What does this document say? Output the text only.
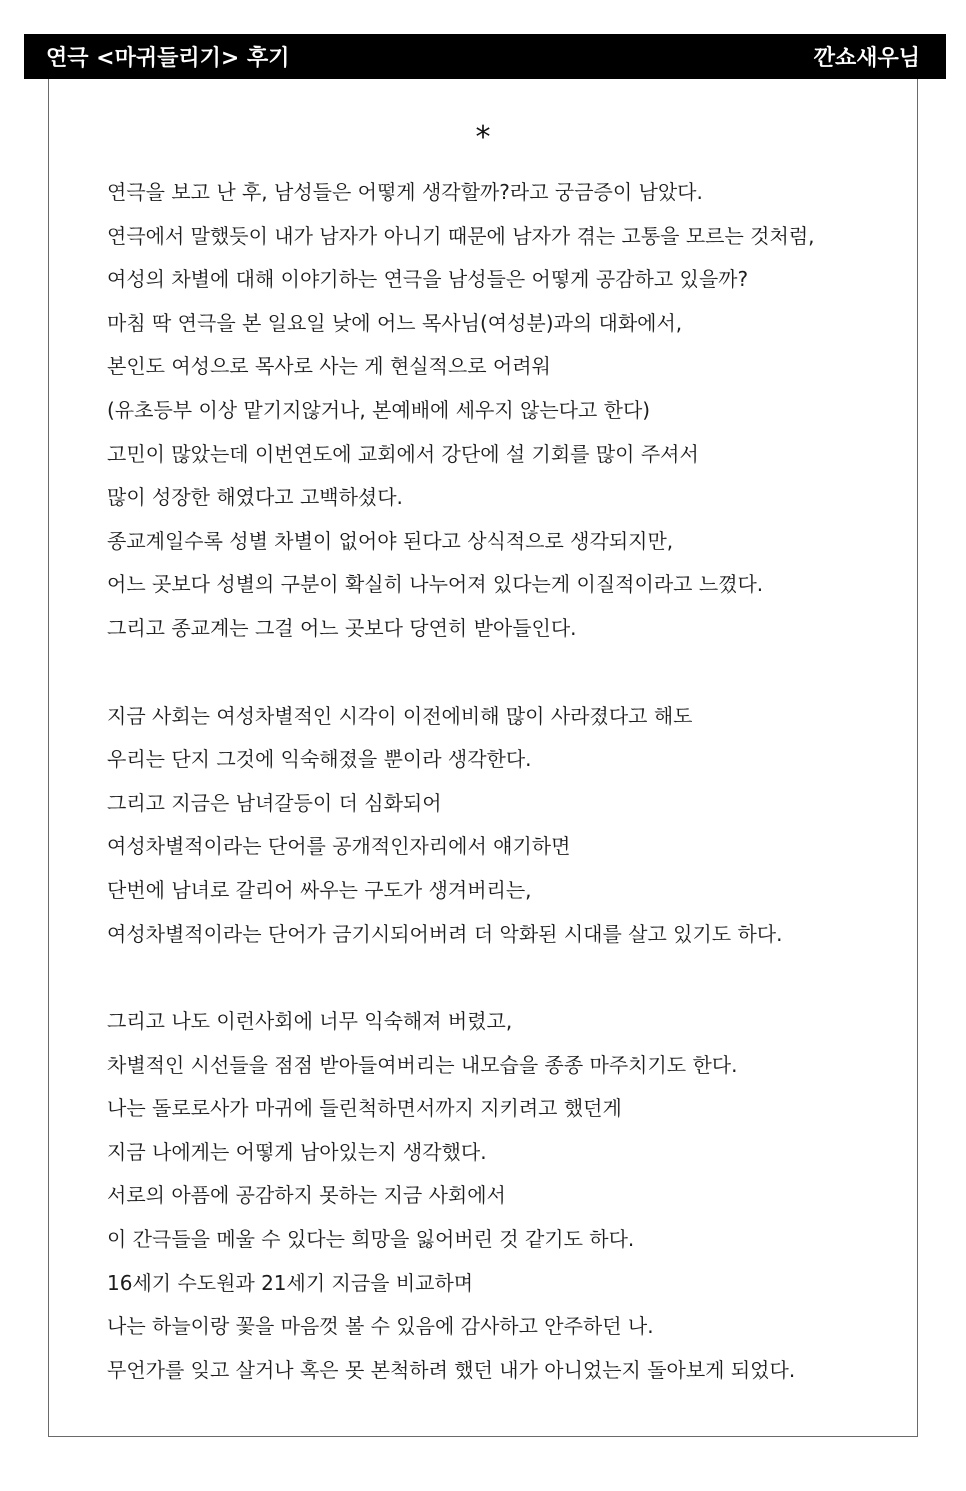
연극 <마귀들리기> 후기	깐쇼새우님
*
연극을 보고 난 후, 남성들은 어떻게 생각할까?라고 궁금증이 남았다.
연극에서 말했듯이 내가 남자가 아니기 때문에 남자가 겪는 고통을 모르는 것처럼,
여성의 차별에 대해 이야기하는 연극을 남성들은 어떻게 공감하고 있을까?
마침 딱 연극을 본 일요일 낮에 어느 목사님(여성분)과의 대화에서,
본인도 여성으로 목사로 사는 게 현실적으로 어려워
(유초등부 이상 맡기지않거나, 본예배에 세우지 않는다고 한다)
고민이 많았는데 이번연도에 교회에서 강단에 설 기회를 많이 주셔서
많이 성장한 해였다고 고백하셨다.
종교계일수록 성별 차별이 없어야 된다고 상식적으로 생각되지만,
어느 곳보다 성별의 구분이 확실히 나누어져 있다는게 이질적이라고 느꼈다.
그리고 종교계는 그걸 어느 곳보다 당연히 받아들인다.
지금 사회는 여성차별적인 시각이 이전에비해 많이 사라졌다고 해도
우리는 단지 그것에 익숙해졌을 뿐이라 생각한다.
그리고 지금은 남녀갈등이 더 심화되어
여성차별적이라는 단어를 공개적인자리에서 얘기하면
단번에 남녀로 갈리어 싸우는 구도가 생겨버리는,
여성차별적이라는 단어가 금기시되어버려 더 악화된 시대를 살고 있기도 하다.
그리고 나도 이런사회에 너무 익숙해져 버렸고,
차별적인 시선들을 점점 받아들여버리는 내모습을 종종 마주치기도 한다.
나는 돌로로사가 마귀에 들린척하면서까지 지키려고 했던게
지금 나에게는 어떻게 남아있는지 생각했다.
서로의 아픔에 공감하지 못하는 지금 사회에서
이 간극들을 메울 수 있다는 희망을 잃어버린 것 같기도 하다.
16세기 수도원과 21세기 지금을 비교하며
나는 하늘이랑 꽃을 마음껏 볼 수 있음에 감사하고 안주하던 나.
무언가를 잊고 살거나 혹은 못 본척하려 했던 내가 아니었는지 돌아보게 되었다.
